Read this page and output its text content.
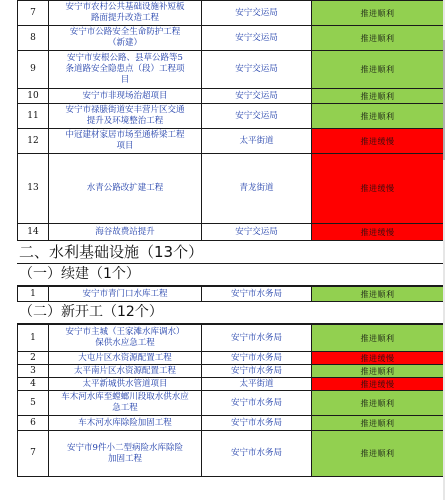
7	安宁市农村公共基础设施补短板
路面提升改造工程	安宁交运局	推进顺利
8	安宁市公路安全生命防护工程
（新建）	安宁交运局	推进顺利
9	安宁市安根公路、县草公路等5
条道路安全隐患点（段）工程项
目	安宁交运局	推进顺利
10	安宁市非现场治超项目	安宁交运局	推进顺利
11	安宁市禄脿街道安丰营片区交通
提升及环境整治工程	安宁交运局	推进顺利
12	中冠建材家居市场至通桥梁工程
项目	太平街道	推进缓慢
13	水青公路改扩建工程	青龙街道	推进缓慢
14	海谷故费站提升	安宁交运局	推进缓慢
二、水利基础设施（13个）
（一）续建（1个）
1	安宁市青门口水库工程	安宁市水务局	推进顺利
（二）新开工（12个）
1	安宁市主城（王家滩水库调水）
保供水应急工程	安宁市水务局	推进顺利
2	大屯片区水资源配置工程	安宁市水务局	推进缓慢
3	太平南片区水资源配置工程	安宁市水务局	推进顺利
4	太平新城供水管道项目	太平街道	推进缓慢
5	车木河水库至螳螂川段取水供水应
急工程	安宁市水务局	推进顺利
6	车木河水库除险加固工程	安宁市水务局	推进顺利
7	安宁市9件小二型病险水库除险
加固工程	安宁市水务局	推进顺利
